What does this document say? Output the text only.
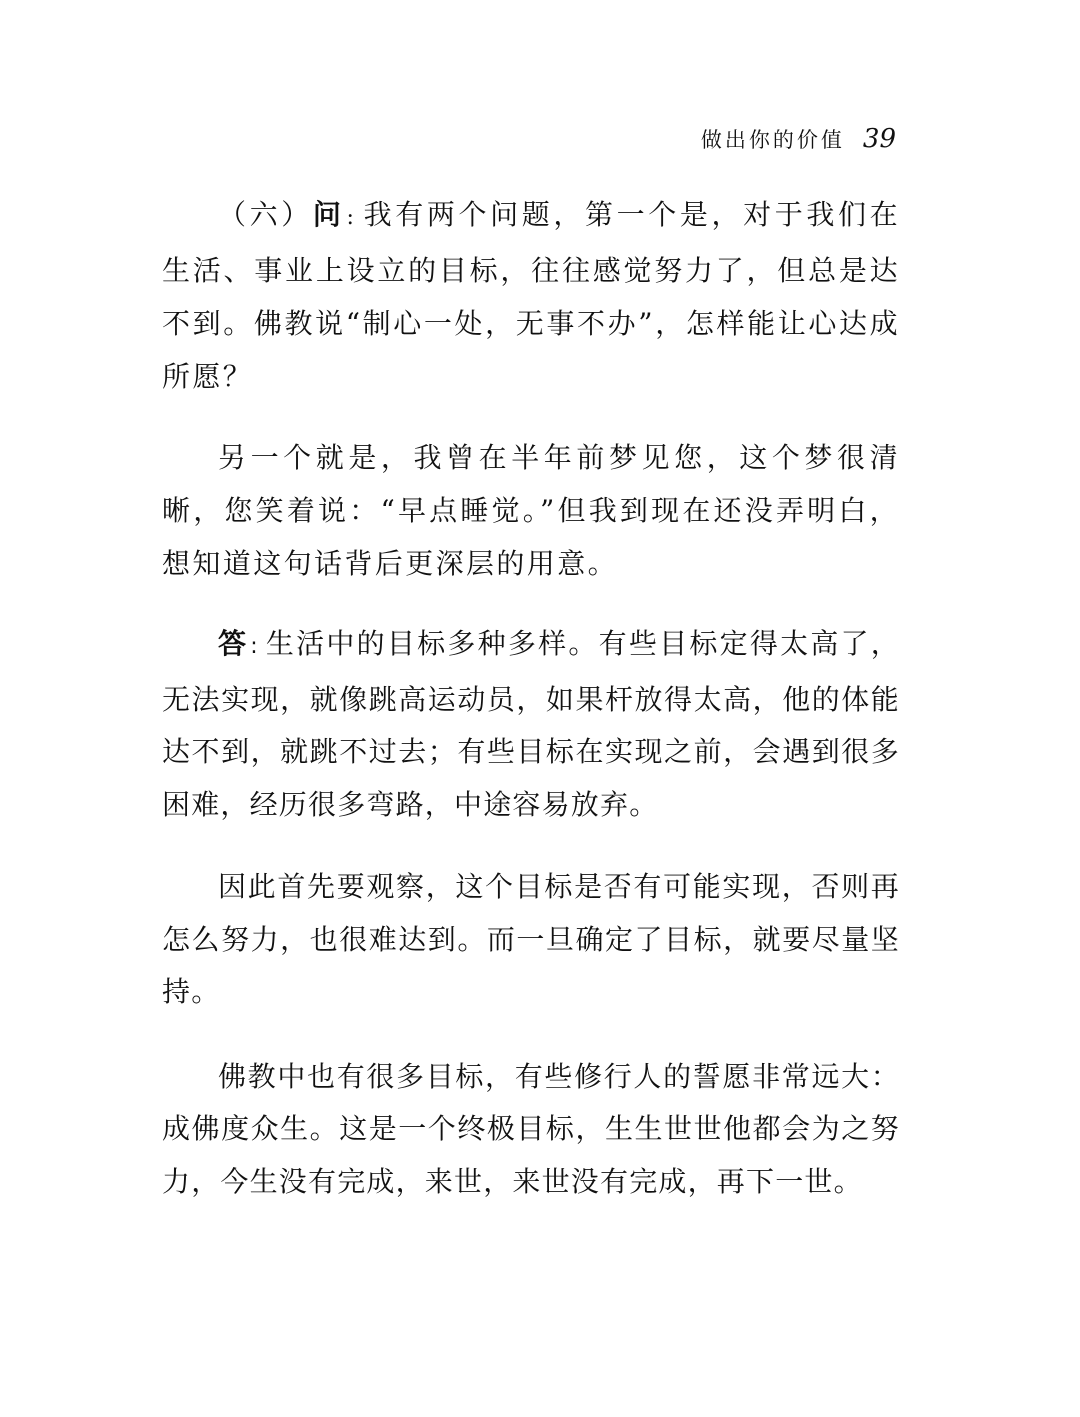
做出你的价值 39

（六）问: 我有两个问题，第一个是，对于我们在生活、事业上设立的目标，往往感觉努力了，但总是达不到。佛教说“制心一处，无事不办”，怎样能让心达成所愿？

另一个就是，我曾在半年前梦见您，这个梦很清晰，您笑着说：“早点睡觉。”但我到现在还没弄明白，想知道这句话背后更深层的用意。

答: 生活中的目标多种多样。有些目标定得太高了，无法实现，就像跳高运动员，如果杆放得太高，他的体能达不到，就跳不过去；有些目标在实现之前，会遇到很多困难，经历很多弯路，中途容易放弃。

因此首先要观察，这个目标是否有可能实现，否则再怎么努力，也很难达到。而一旦确定了目标，就要尽量坚持。

佛教中也有很多目标，有些修行人的誓愿非常远大：成佛度众生。这是一个终极目标，生生世世他都会为之努力，今生没有完成，来世，来世没有完成，再下一世。
